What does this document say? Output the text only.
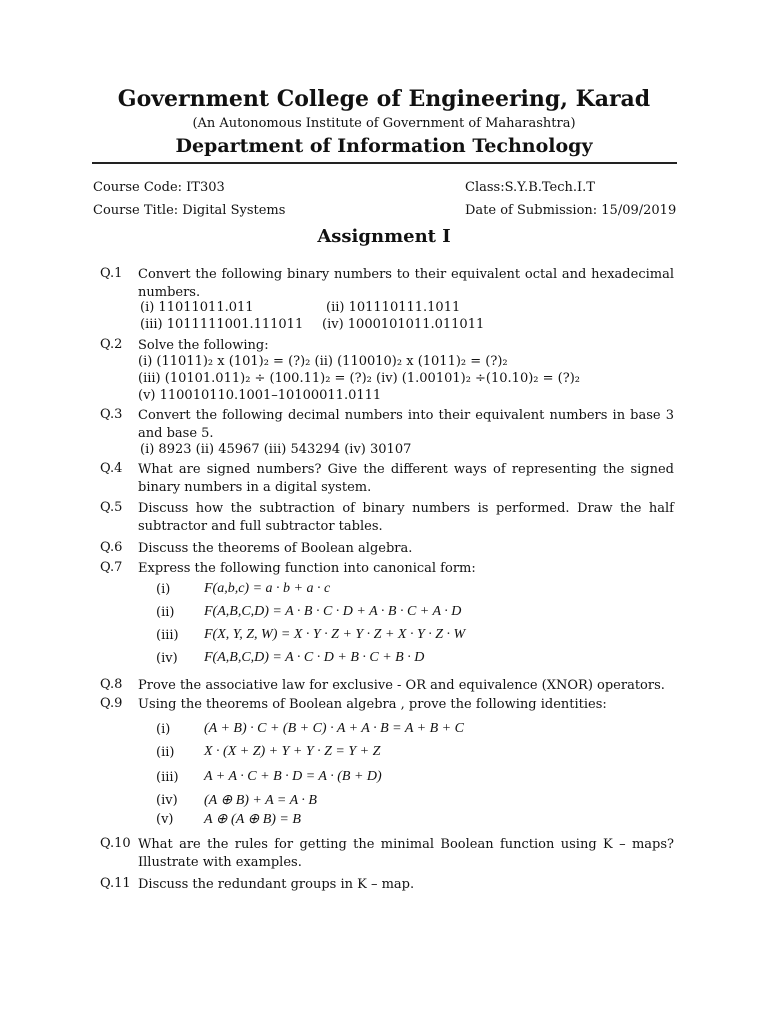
Government College of Engineering, Karad
(An Autonomous Institute of Government of Maharashtra)
Department of Information Technology
Course Code: IT303	Class:S.Y.B.Tech.I.T
Course Title: Digital Systems	Date of Submission: 15/09/2019
Assignment I
Q.1 Convert the following binary numbers to their equivalent octal and hexadecimal numbers.
(i) 11011011.011	(ii) 101110111.1011
(iii) 1011111001.111011 (iv) 1000101011.011011
Q.2 Solve the following:
(i) (11011)₂ x (101)₂ = (?)₂ (ii) (110010)₂ x (1011)₂ = (?)₂
(iii) (10101.011)₂ ÷ (100.11)₂ = (?)₂ (iv) (1.00101)₂ ÷(10.10)₂ = (?)₂
(v) 110010110.1001–10100011.0111
Q.3 Convert the following decimal numbers into their equivalent numbers in base 3 and base 5.
(i) 8923 (ii) 45967 (iii) 543294 (iv) 30107
Q.4 What are signed numbers? Give the different ways of representing the signed binary numbers in a digital system.
Q.5 Discuss how the subtraction of binary numbers is performed. Draw the half subtractor and full subtractor tables.
Q.6 Discuss the theorems of Boolean algebra.
Q.7 Express the following function into canonical form:
(i) F(a,b,c) = a · b + a · c
(ii) F(A,B,C,D) = A · B · C · D + A · B · C + A · D
(iii) F(X, Y, Z, W) = X · Y · Z + Y · Z + X · Y · Z · W
(iv) F(A,B,C,D) = A · C · D + B · C + B · D
Q.8 Prove the associative law for exclusive - OR and equivalence (XNOR) operators.
Q.9 Using the theorems of Boolean algebra , prove the following identities:
(i) (A + B) · C + (B + C) · A + A · B = A + B + C
(ii) X · (X + Z) + Y + Y · Z = Y + Z
(iii) A + A · C + B · D = A · (B + D)
(iv) (A ⊕ B) + A = A · B
(v) A ⊕ (A ⊕ B) = B
Q.10 What are the rules for getting the minimal Boolean function using K – maps? Illustrate with examples.
Q.11 Discuss the redundant groups in K – map.
